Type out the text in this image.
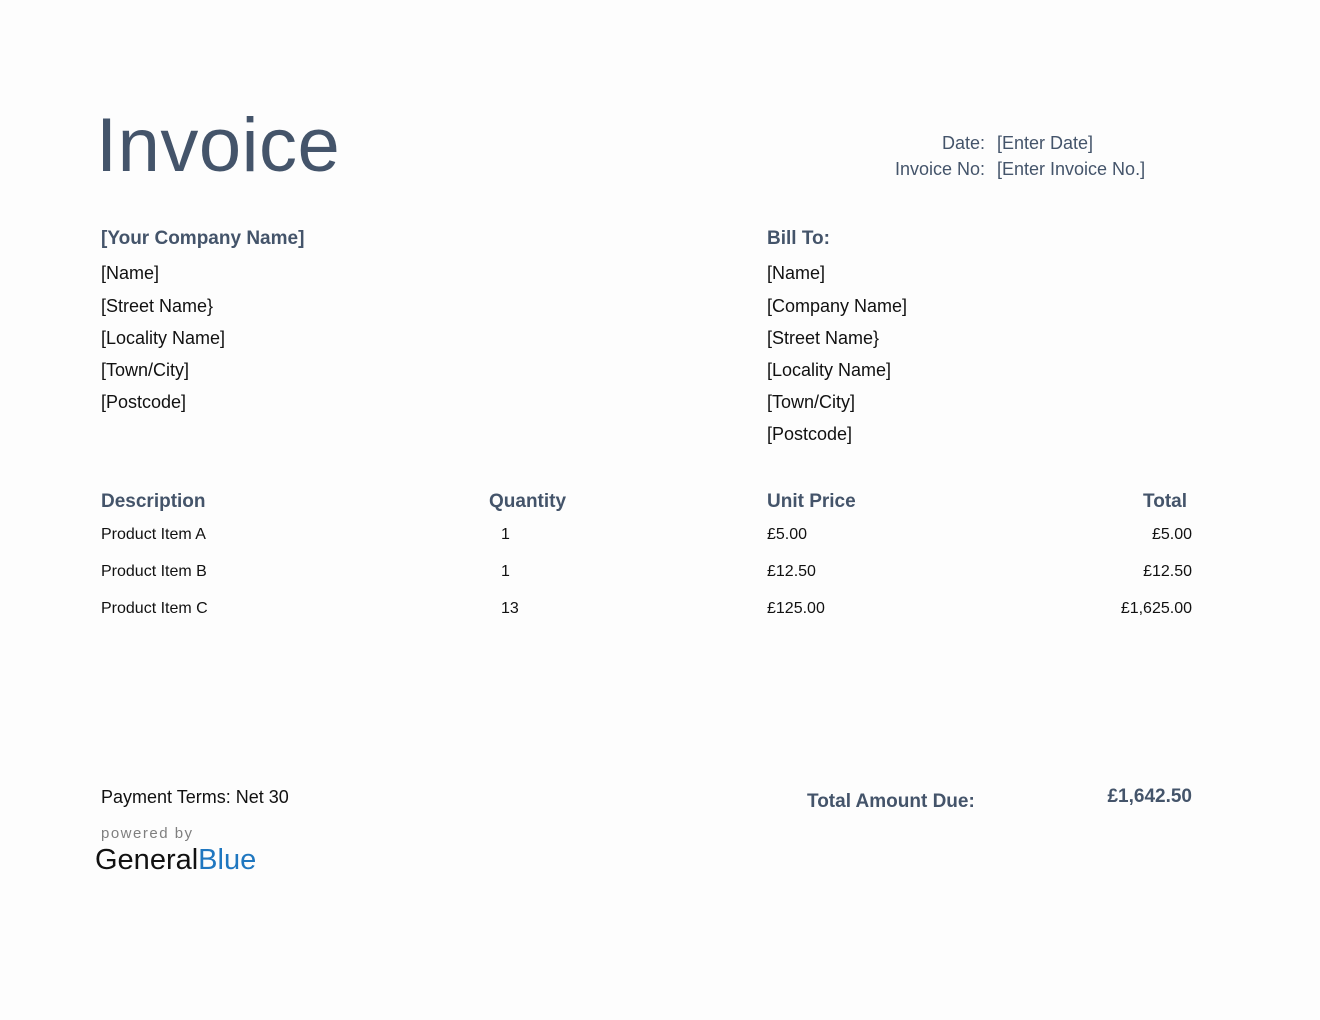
Invoice	Date: [Enter Date]
Invoice No: [Enter Invoice No.]
[Your Company Name]
[Name]
[Street Name}
[Locality Name]
[Town/City]
[Postcode]
Bill To:
[Name]
[Company Name]
[Street Name}
[Locality Name]
[Town/City]
[Postcode]
Description	Quantity	Unit Price	Total
Product Item A	1	£5.00	£5.00
Product Item B	1	£12.50	£12.50
Product Item C	13	£125.00	£1,625.00
Payment Terms: Net 30	Total Amount Due:	£1,642.50
powered by
GeneralBlue
